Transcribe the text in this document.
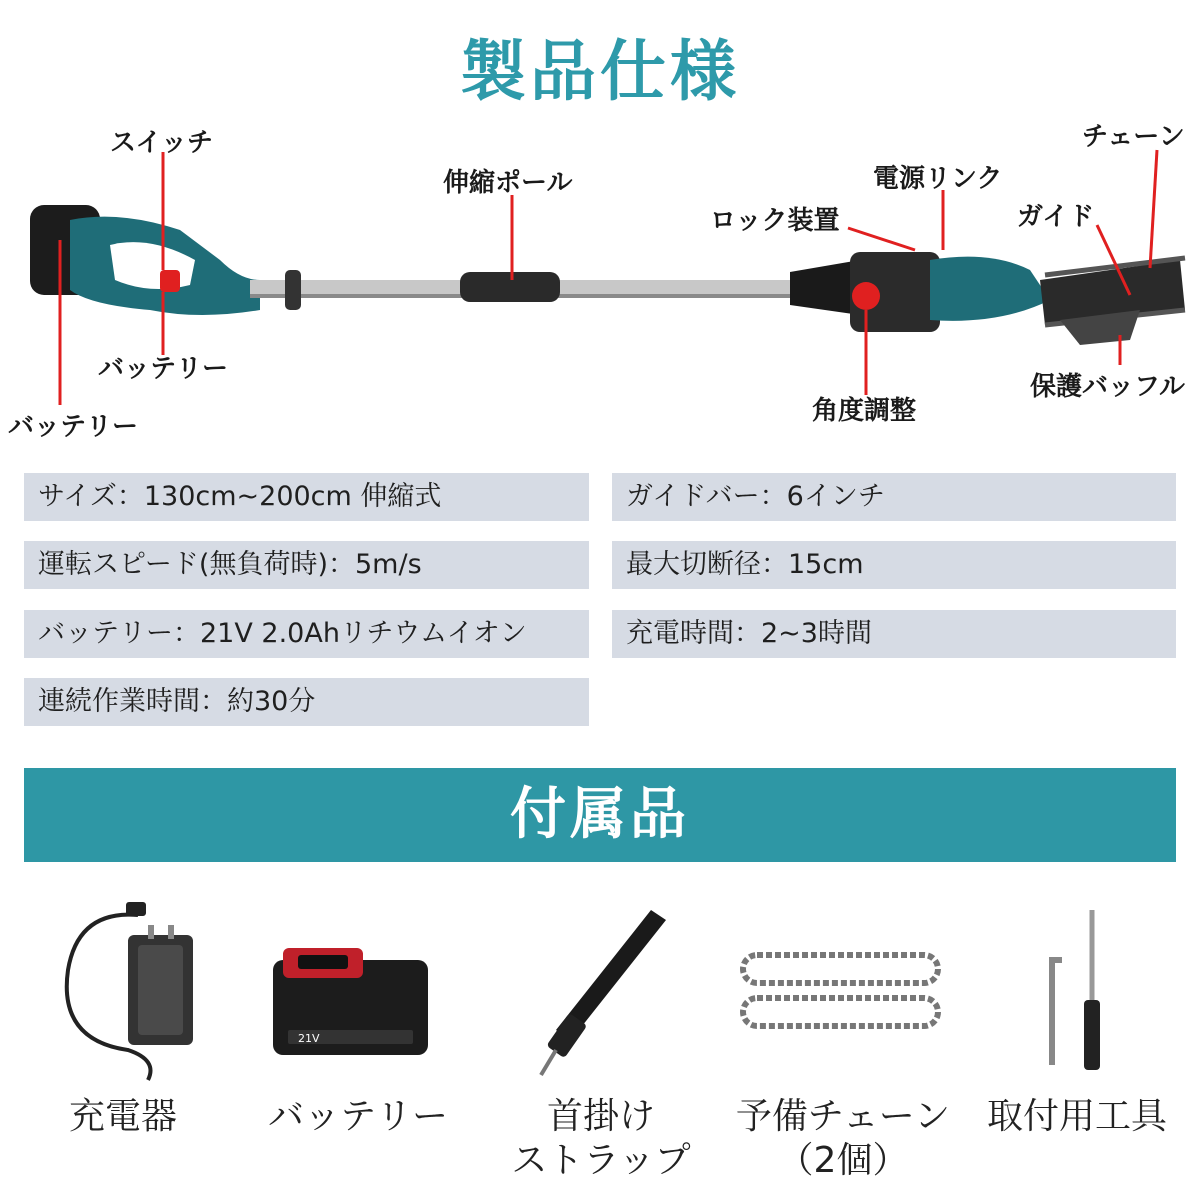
製品仕様
スイッチ
バッテリー
バッテリー
伸縮ポール
ロック装置
電源リンク
チェーン
ガイド
角度調整
保護バッフル
サイズ：130cm~200cm 伸縮式	ガイドバー：6インチ
運転スピード(無負荷時)：5m/s	最大切断径：15cm
バッテリー：21V 2.0Ahリチウムイオン	充電時間：2~3時間
連続作業時間：約30分
付属品
充電器
21V
バッテリー	首掛け
ストラップ
予備チェーン
（2個）
取付用工具
